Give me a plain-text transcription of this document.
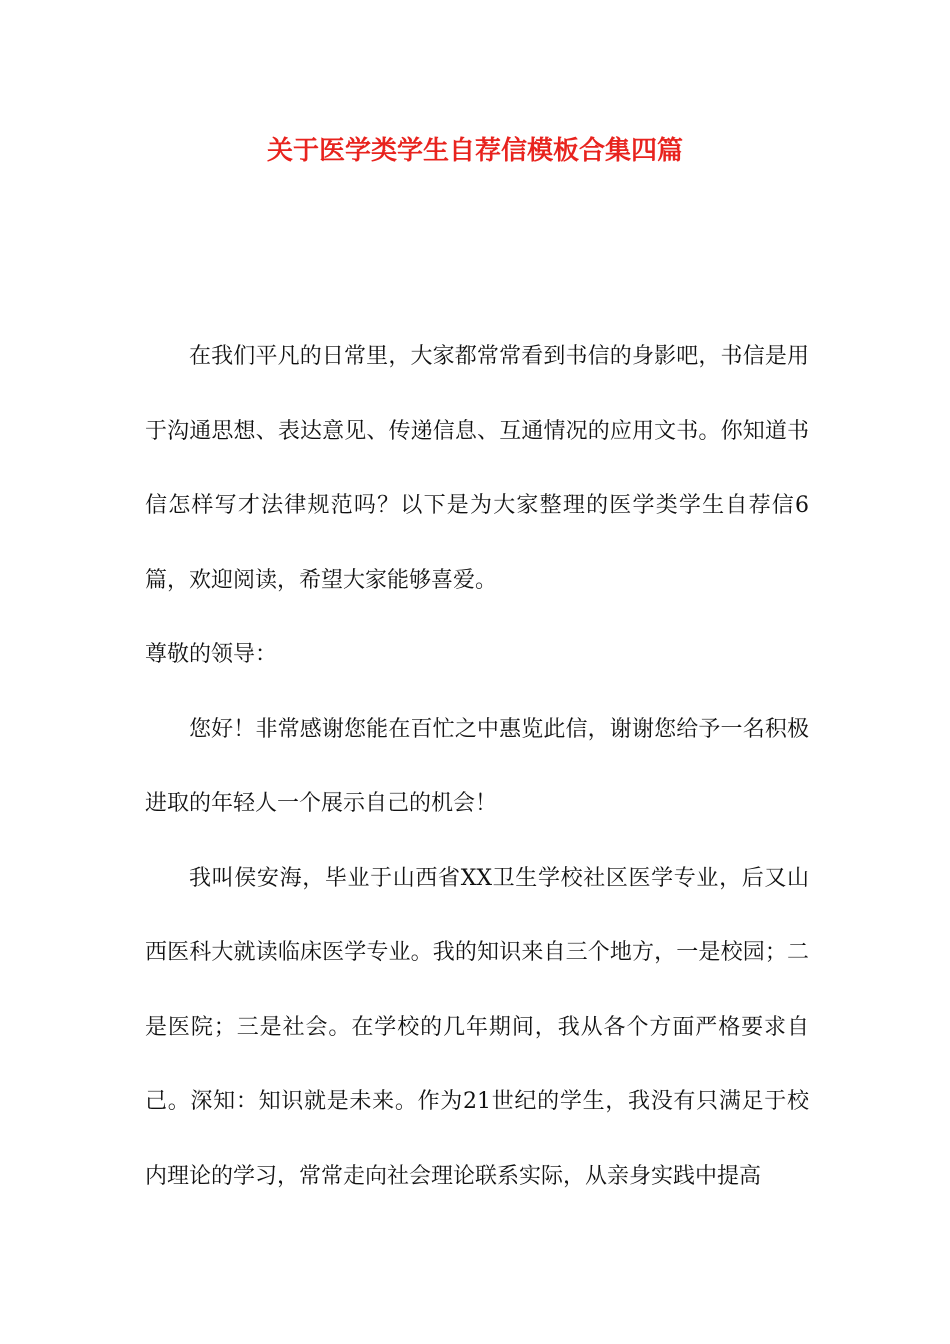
关于医学类学生自荐信模板合集四篇

在我们平凡的日常里，大家都常常看到书信的身影吧，书信是用于沟通思想、表达意见、传递信息、互通情况的应用文书。你知道书信怎样写才法律规范吗？以下是为大家整理的医学类学生自荐信6篇，欢迎阅读，希望大家能够喜爱。

尊敬的领导：

您好！非常感谢您能在百忙之中惠览此信，谢谢您给予一名积极进取的年轻人一个展示自己的机会！

我叫侯安海，毕业于山西省XX卫生学校社区医学专业，后又山西医科大就读临床医学专业。我的知识来自三个地方，一是校园；二是医院；三是社会。在学校的几年期间，我从各个方面严格要求自己。深知：知识就是未来。作为21世纪的学生，我没有只满足于校内理论的学习，常常走向社会理论联系实际，从亲身实践中提高
